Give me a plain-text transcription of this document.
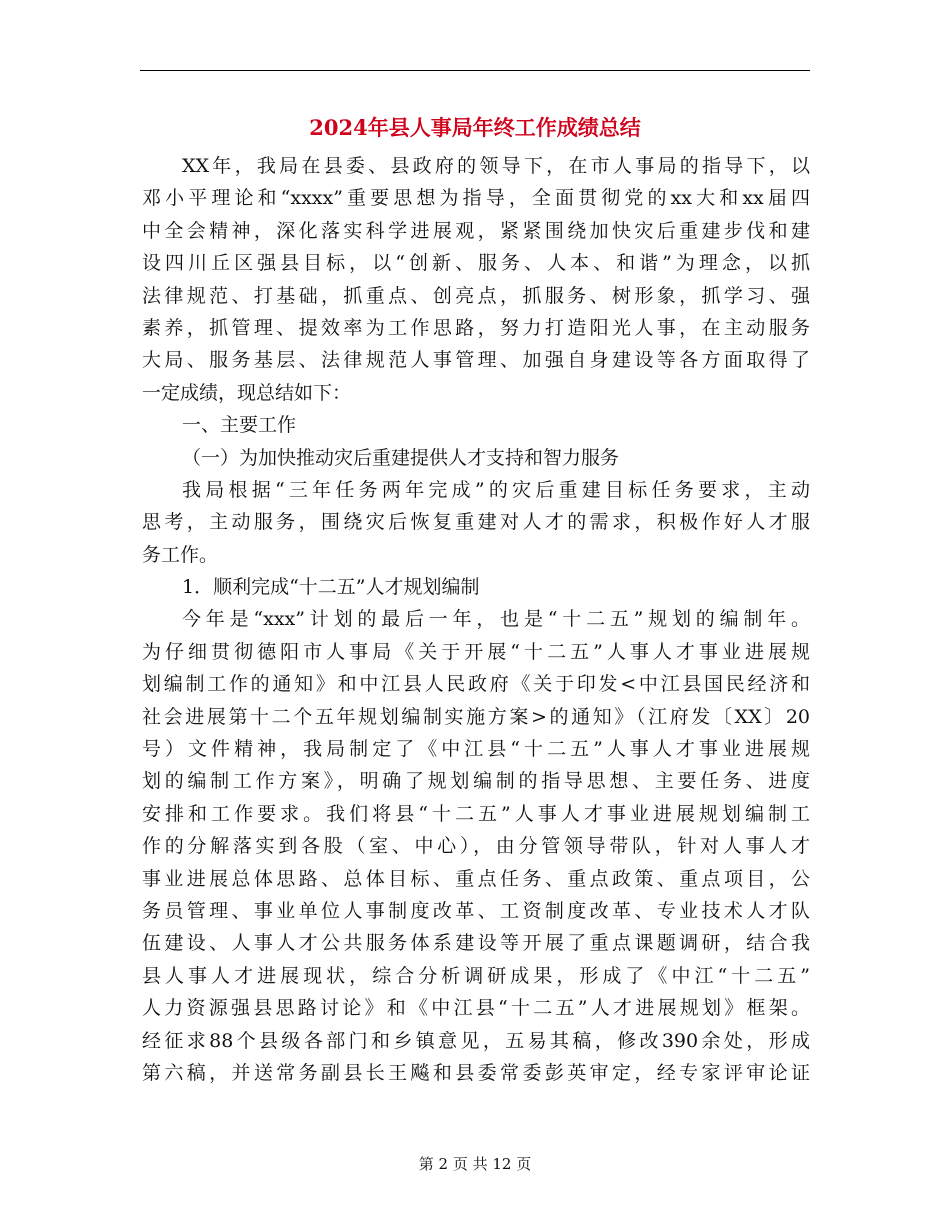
2024年县人事局年终工作成绩总结
XX年，我局在县委、县政府的领导下，在市人事局的指导下，以
邓小平理论和“xxxx”重要思想为指导，全面贯彻党的xx大和xx届四
中全会精神，深化落实科学进展观，紧紧围绕加快灾后重建步伐和建
设四川丘区强县目标，以“创新、服务、人本、和谐”为理念，以抓
法律规范、打基础，抓重点、创亮点，抓服务、树形象，抓学习、强
素养，抓管理、提效率为工作思路，努力打造阳光人事，在主动服务
大局、服务基层、法律规范人事管理、加强自身建设等各方面取得了
一定成绩，现总结如下：
一、主要工作
（一）为加快推动灾后重建提供人才支持和智力服务
我局根据“三年任务两年完成”的灾后重建目标任务要求，主动
思考，主动服务，围绕灾后恢复重建对人才的需求，积极作好人才服
务工作。
1．顺利完成“十二五”人才规划编制
今年是“xxx”计划的最后一年，也是“十二五”规划的编制年。
为仔细贯彻德阳市人事局《关于开展“十二五”人事人才事业进展规
划编制工作的通知》和中江县人民政府《关于印发<中江县国民经济和
社会进展第十二个五年规划编制实施方案>的通知》（江府发〔XX〕20
号）文件精神，我局制定了《中江县“十二五”人事人才事业进展规
划的编制工作方案》，明确了规划编制的指导思想、主要任务、进度
安排和工作要求。我们将县“十二五”人事人才事业进展规划编制工
作的分解落实到各股（室、中心），由分管领导带队，针对人事人才
事业进展总体思路、总体目标、重点任务、重点政策、重点项目，公
务员管理、事业单位人事制度改革、工资制度改革、专业技术人才队
伍建设、人事人才公共服务体系建设等开展了重点课题调研，结合我
县人事人才进展现状，综合分析调研成果，形成了《中江“十二五”
人力资源强县思路讨论》和《中江县“十二五”人才进展规划》框架。
经征求88个县级各部门和乡镇意见，五易其稿，修改390余处，形成
第六稿，并送常务副县长王飚和县委常委彭英审定，经专家评审论证
第 2 页 共 12 页
